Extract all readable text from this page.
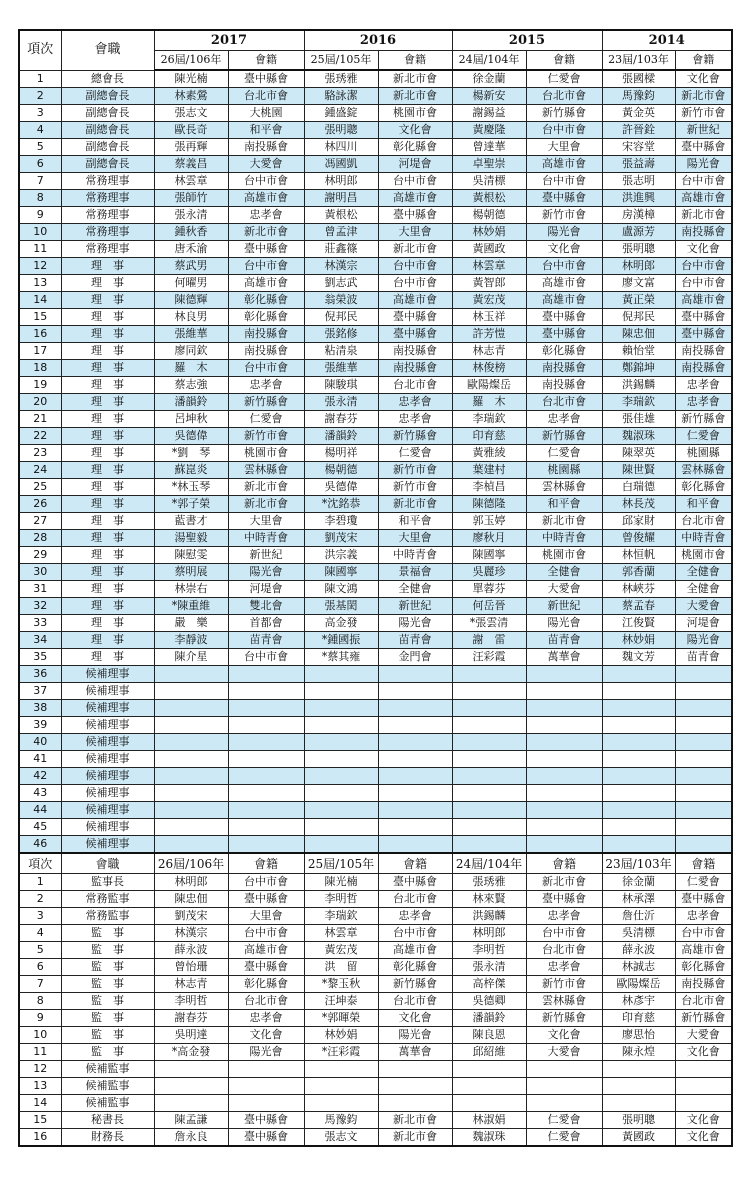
項次	會職	2017		2016		2015		2014	
		26屆/106年	會籍	25屆/105年	會籍	24屆/104年	會籍	23屆/103年	會籍
1	總會長	陳光楠	臺中縣會	張琇雅	新北市會	徐金蘭	仁愛會	張國樑	文化會
2	副總會長	林素鶯	台北市會	駱詠潔	新北市會	楊新安	台北市會	馬豫鈞	新北市會
3	副總會長	張志文	大桃園	鍾盛錠	桃園市會	謝錫益	新竹縣會	黃金英	新竹市會
4	副總會長	歐長奇	和平會	張明聰	文化會	黃慶隆	台中市會	許晉銓	新世紀
5	副總會長	張再輝	南投縣會	林四川	彰化縣會	曾達華	大里會	宋容堂	臺中縣會
6	副總會長	蔡義昌	大愛會	馮國凱	河堤會	卓聖崇	高雄市會	張益壽	陽光會
7	常務理事	林雲章	台中市會	林明郎	台中市會	吳清標	台中市會	張志明	台中市會
8	常務理事	張師竹	高雄市會	謝明昌	高雄市會	黃根松	臺中縣會	洪進興	高雄市會
9	常務理事	張永清	忠孝會	黃根松	臺中縣會	楊朝德	新竹市會	房漢樟	新北市會
10	常務理事	鍾秋香	新北市會	曾孟津	大里會	林妙娟	陽光會	盧源芳	南投縣會
11	常務理事	唐禾渝	臺中縣會	莊鑫篠	新北市會	黃國政	文化會	張明聰	文化會
12	理　事	蔡武男	台中市會	林漢宗	台中市會	林雲章	台中市會	林明郎	台中市會
13	理　事	何曜男	高雄市會	劉志武	台中市會	黃智郎	高雄市會	廖文富	台中市會
14	理　事	陳德輝	彰化縣會	翁榮波	高雄市會	黃宏茂	高雄市會	黃正榮	高雄市會
15	理　事	林良男	彰化縣會	倪邦民	臺中縣會	林玉祥	臺中縣會	倪邦民	臺中縣會
16	理　事	張維華	南投縣會	張銘修	臺中縣會	許芳愷	臺中縣會	陳忠佃	臺中縣會
17	理　事	廖同欽	南投縣會	粘清泉	南投縣會	林志青	彰化縣會	賴怡堂	南投縣會
18	理　事	羅　木	台中市會	張維華	南投縣會	林俊榜	南投縣會	鄭錦坤	南投縣會
19	理　事	蔡志強	忠孝會	陳駿琪	台北市會	歐陽燦岳	南投縣會	洪錫麟	忠孝會
20	理　事	潘韻鈴	新竹縣會	張永清	忠孝會	羅　木	台北市會	李瑞欽	忠孝會
21	理　事	呂坤秋	仁愛會	謝春芬	忠孝會	李瑞欽	忠孝會	張佳雄	新竹縣會
22	理　事	吳德偉	新竹市會	潘韻鈴	新竹縣會	印育慈	新竹縣會	魏淑珠	仁愛會
23	理　事	*劉　琴	桃園市會	楊明祥	仁愛會	黃雅綾	仁愛會	陳翠英	桃園縣
24	理　事	蘇崑炎	雲林縣會	楊朝德	新竹市會	葉建村	桃園縣	陳世賢	雲林縣會
25	理　事	*林玉琴	新北市會	吳德偉	新竹市會	李楨昌	雲林縣會	白瑞德	彰化縣會
26	理　事	*郭子榮	新北市會	*沈銘恭	新北市會	陳德隆	和平會	林長茂	和平會
27	理　事	藍書才	大里會	李碧瓊	和平會	郭玉婷	新北市會	邱家財	台北市會
28	理　事	湯聖毅	中時青會	劉茂宋	大里會	廖秋月	中時青會	曾俊耀	中時青會
29	理　事	陳慰雯	新世紀	洪宗義	中時青會	陳國寧	桃園市會	林恒帆	桃園市會
30	理　事	蔡明展	陽光會	陳國寧	景福會	吳麗珍	全健會	郭香蘭	全健會
31	理　事	林崇右	河堤會	陳文鴻	全健會	單蓉芬	大愛會	林峽芬	全健會
32	理　事	*陳重維	雙北會	張基閎	新世紀	何岳晉	新世紀	蔡孟春	大愛會
33	理　事	嚴　樂	首都會	高金發	陽光會	*張雲清	陽光會	江俊賢	河堤會
34	理　事	李靜波	苗青會	*鍾國振	苗青會	謝　雷	苗青會	林妙娟	陽光會
35	理　事	陳介星	台中市會	*蔡其雍	金門會	汪彩霞	萬華會	魏文芳	苗青會
36	候補理事								
37	候補理事								
38	候補理事								
39	候補理事								
40	候補理事								
41	候補理事								
42	候補理事								
43	候補理事								
44	候補理事								
45	候補理事								
46	候補理事								
項次	會職	26屆/106年	會籍	25屆/105年	會籍	24屆/104年	會籍	23屆/103年	會籍
1	監事長	林明郎	台中市會	陳光楠	臺中縣會	張琇雅	新北市會	徐金蘭	仁愛會
2	常務監事	陳忠佃	臺中縣會	李明哲	台北市會	林來賢	臺中縣會	林承澤	臺中縣會
3	常務監事	劉茂宋	大里會	李瑞欽	忠孝會	洪錫麟	忠孝會	詹仕沂	忠孝會
4	監　事	林漢宗	台中市會	林雲章	台中市會	林明郎	台中市會	吳清標	台中市會
5	監　事	薛永波	高雄市會	黃宏茂	高雄市會	李明哲	台北市會	薛永波	高雄市會
6	監　事	曾怡珊	臺中縣會	洪　留	彰化縣會	張永清	忠孝會	林誠志	彰化縣會
7	監　事	林志青	彰化縣會	*黎玉秋	新竹縣會	高梓傑	新竹市會	歐陽燦岳	南投縣會
8	監　事	李明哲	台北市會	汪坤泰	台北市會	吳德卿	雲林縣會	林彥宇	台北市會
9	監　事	謝春芬	忠孝會	*郭暉榮	文化會	潘韻鈴	新竹縣會	印育慈	新竹縣會
10	監　事	吳明達	文化會	林妙娟	陽光會	陳良恩	文化會	廖思怡	大愛會
11	監　事	*高金發	陽光會	*汪彩霞	萬華會	邱紹維	大愛會	陳永煌	文化會
12	候補監事								
13	候補監事								
14	候補監事								
15	秘書長	陳孟謙	臺中縣會	馬豫鈞	新北市會	林淑娟	仁愛會	張明聰	文化會
16	財務長	詹永良	臺中縣會	張志文	新北市會	魏淑珠	仁愛會	黃國政	文化會
